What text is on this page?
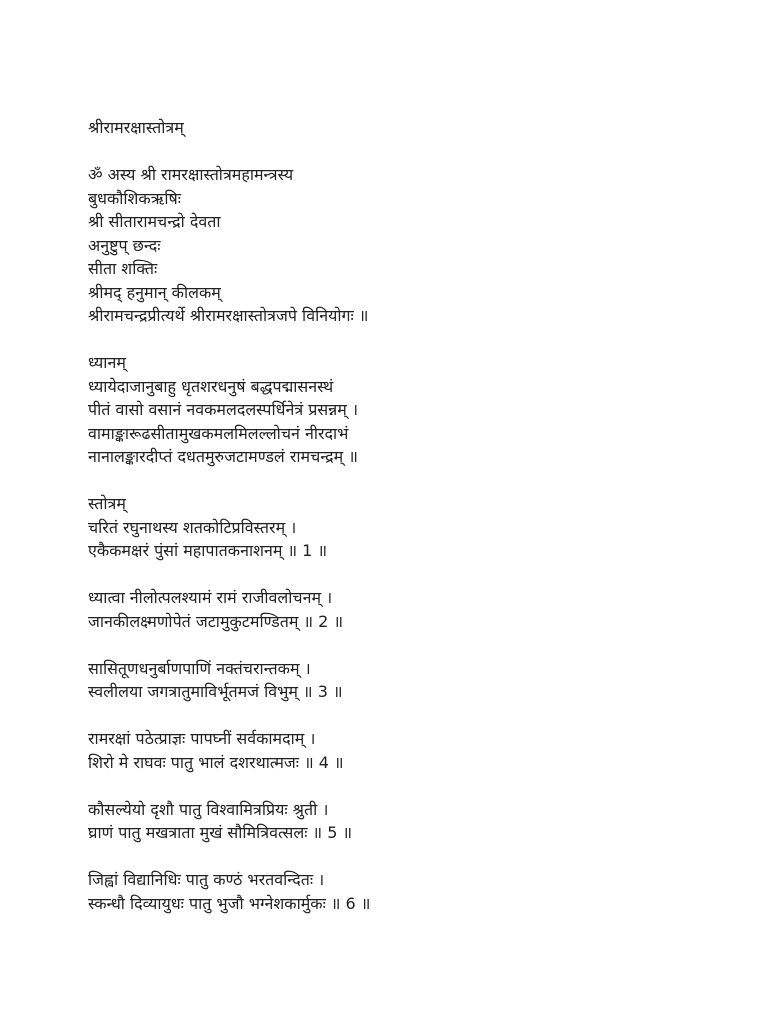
श्रीरामरक्षास्तोत्रम्
ॐ अस्य श्री रामरक्षास्तोत्रमहामन्त्रस्य
बुधकौशिकऋषिः
श्री सीतारामचन्द्रो देवता
अनुष्टुप् छन्दः
सीता शक्तिः
श्रीमद् हनुमान् कीलकम्
श्रीरामचन्द्रप्रीत्यर्थे श्रीरामरक्षास्तोत्रजपे विनियोगः ॥
ध्यानम्
ध्यायेदाजानुबाहु धृतशरधनुषं बद्धपद्मासनस्थं
पीतं वासो वसानं नवकमलदलस्पर्धिनेत्रं प्रसन्नम् ।
वामाङ्कारूढसीतामुखकमलमिलल्लोचनं नीरदाभं
नानालङ्कारदीप्तं दधतमुरुजटामण्डलं रामचन्द्रम् ॥
स्तोत्रम्
चरितं रघुनाथस्य शतकोटिप्रविस्तरम् ।
एकैकमक्षरं पुंसां महापातकनाशनम् ॥ 1 ॥
ध्यात्वा नीलोत्पलश्यामं रामं राजीवलोचनम् ।
जानकीलक्ष्मणोपेतं जटामुकुटमण्डितम् ॥ 2 ॥
सासितूणधनुर्बाणपाणिं नक्तंचरान्तकम् ।
स्वलीलया जगत्रातुमाविर्भूतमजं विभुम् ॥ 3 ॥
रामरक्षां पठेत्प्राज्ञः पापघ्नीं सर्वकामदाम् ।
शिरो मे राघवः पातु भालं दशरथात्मजः ॥ 4 ॥
कौसल्येयो दृशौ पातु विश्वामित्रप्रियः श्रुती ।
घ्राणं पातु मखत्राता मुखं सौमित्रिवत्सलः ॥ 5 ॥
जिह्वां विद्यानिधिः पातु कण्ठं भरतवन्दितः ।
स्कन्धौ दिव्यायुधः पातु भुजौ भग्नेशकार्मुकः ॥ 6 ॥
